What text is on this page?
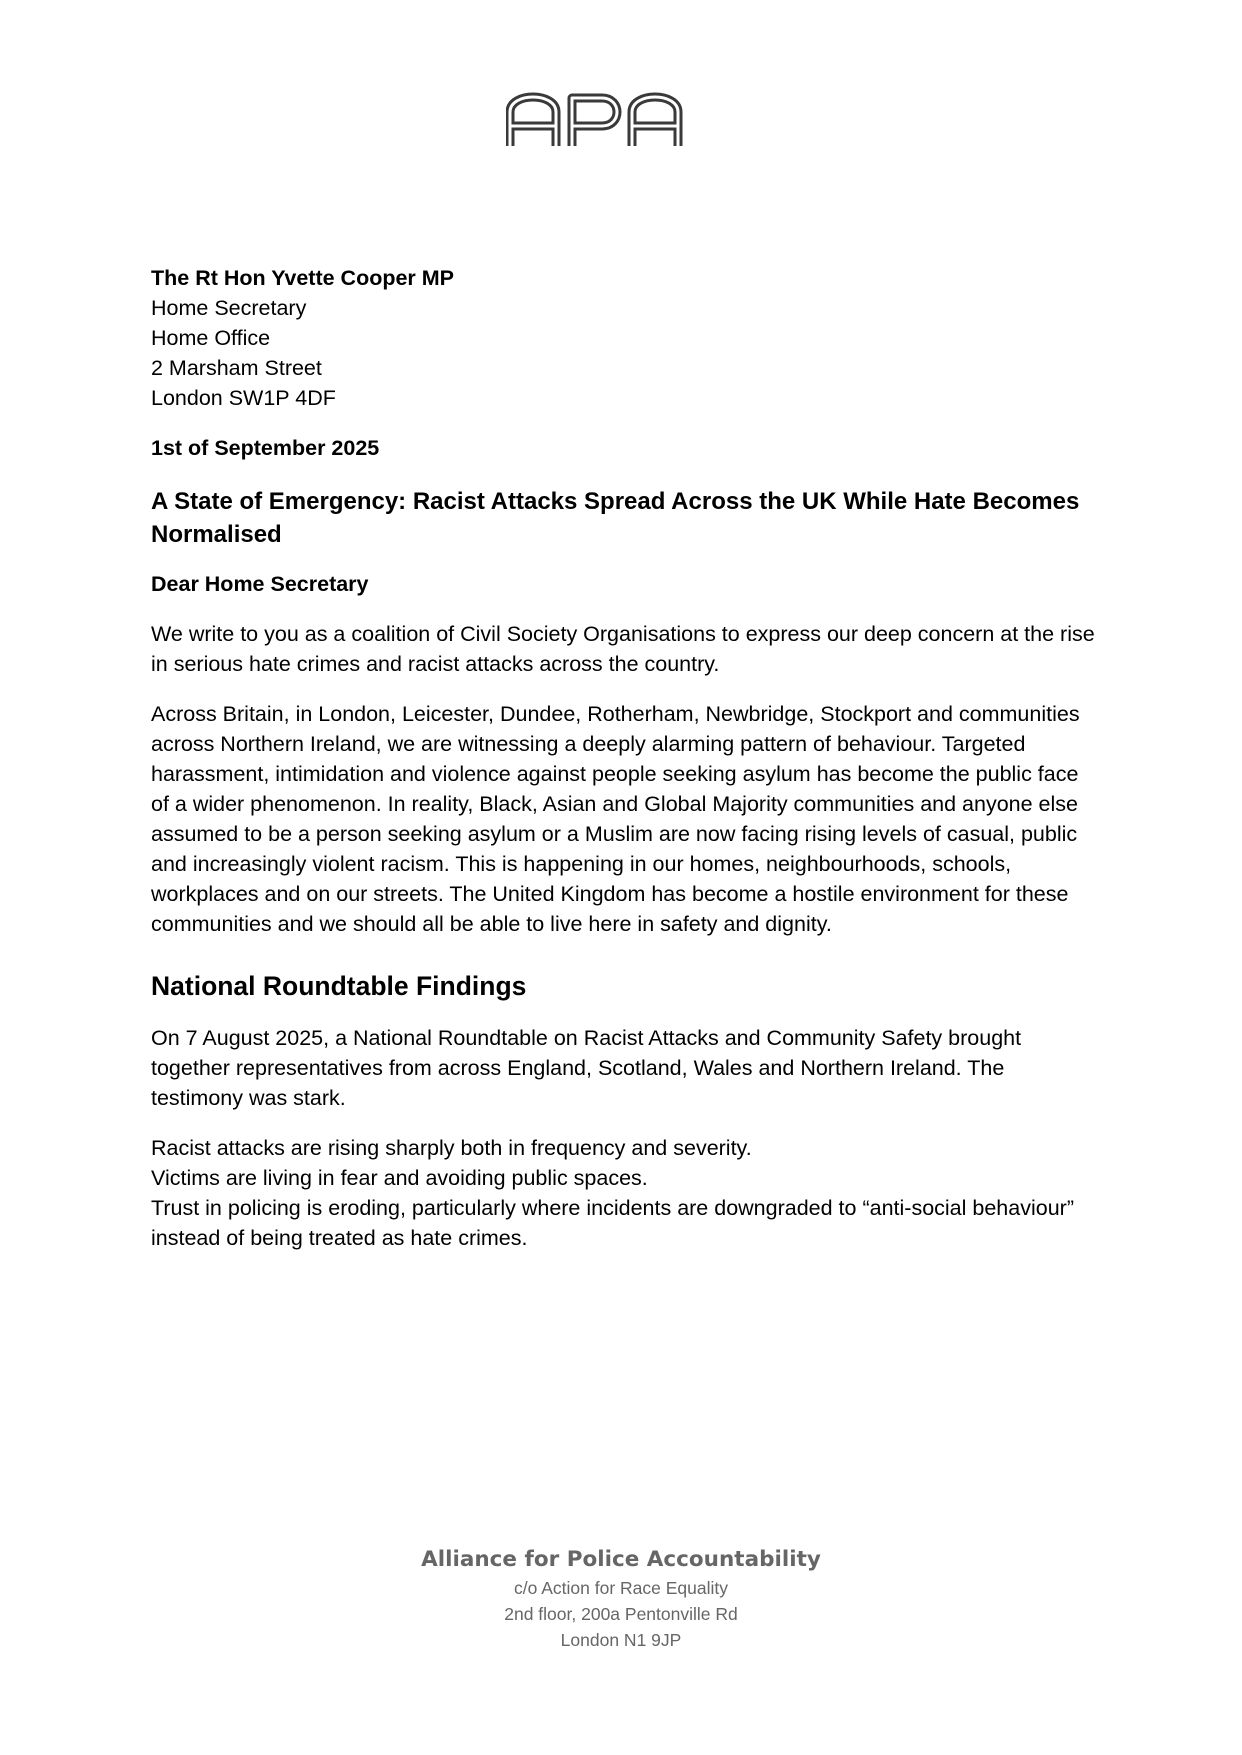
The Rt Hon Yvette Cooper MP
Home Secretary
Home Office
2 Marsham Street
London SW1P 4DF
1st of September 2025
A State of Emergency: Racist Attacks Spread Across the UK While Hate Becomes Normalised
Dear Home Secretary

We write to you as a coalition of Civil Society Organisations to express our deep concern at the rise in serious hate crimes and racist attacks across the country.

Across Britain, in London, Leicester, Dundee, Rotherham, Newbridge, Stockport and communities across Northern Ireland, we are witnessing a deeply alarming pattern of behaviour. Targeted harassment, intimidation and violence against people seeking asylum has become the public face of a wider phenomenon. In reality, Black, Asian and Global Majority communities and anyone else assumed to be a person seeking asylum or a Muslim are now facing rising levels of casual, public and increasingly violent racism. This is happening in our homes, neighbourhoods, schools, workplaces and on our streets. The United Kingdom has become a hostile environment for these communities and we should all be able to live here in safety and dignity.

National Roundtable Findings

On 7 August 2025, a National Roundtable on Racist Attacks and Community Safety brought together representatives from across England, Scotland, Wales and Northern Ireland. The testimony was stark.

Racist attacks are rising sharply both in frequency and severity.
Victims are living in fear and avoiding public spaces.
Trust in policing is eroding, particularly where incidents are downgraded to “anti-social behaviour” instead of being treated as hate crimes.

Alliance for Police Accountability
c/o Action for Race Equality
2nd floor, 200a Pentonville Rd
London N1 9JP
